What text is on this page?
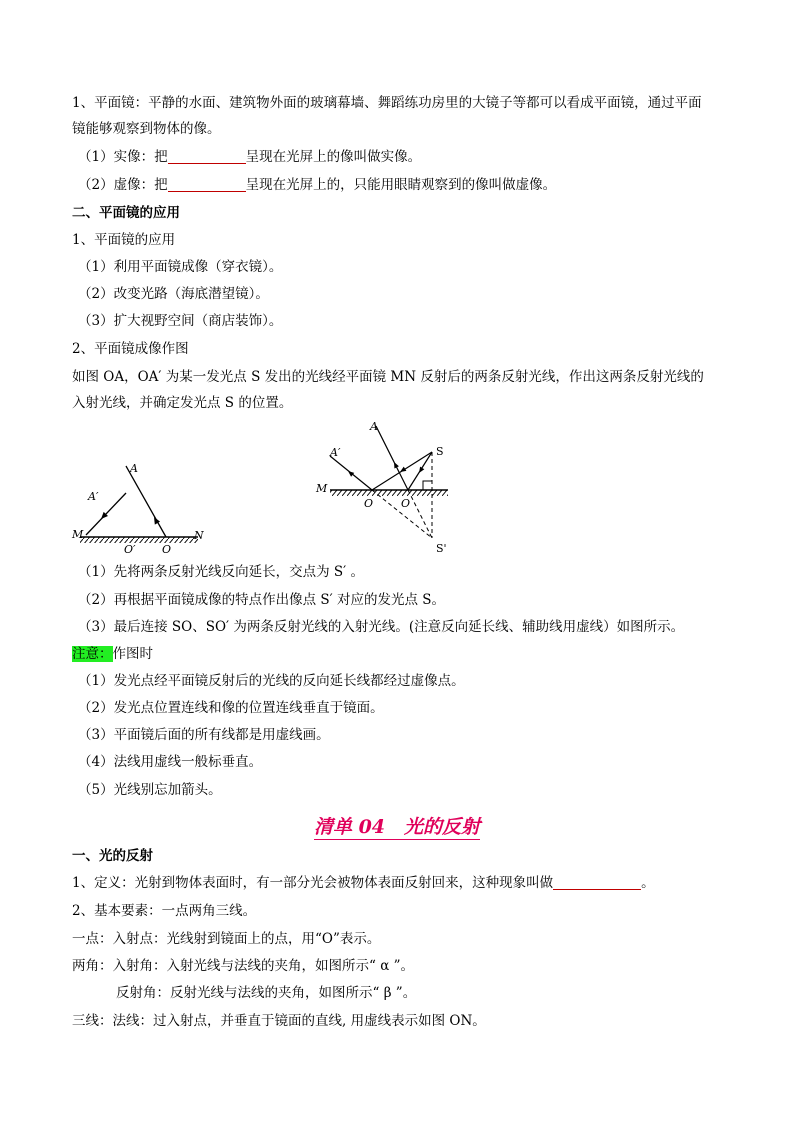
1、平面镜：平静的水面、建筑物外面的玻璃幕墙、舞蹈练功房里的大镜子等都可以看成平面镜，通过平面
镜能够观察到物体的像。
（1）实像：把	呈现在光屏上的像叫做实像。
（2）虚像：把	呈现在光屏上的，只能用眼睛观察到的像叫做虚像。
二、平面镜的应用
1、平面镜的应用
（1）利用平面镜成像（穿衣镜）。
（2）改变光路（海底潜望镜）。
（3）扩大视野空间（商店装饰）。
2、平面镜成像作图
如图 OA，OA′ 为某一发光点 S 发出的光线经平面镜 MN 反射后的两条反射光线，作出这两条反射光线的
入射光线，并确定发光点 S 的位置。
A′
A
M	N
O′ O
A′
A
M
O	O
S
S'
（1）先将两条反射光线反向延长，交点为 S′ 。
（2）再根据平面镜成像的特点作出像点 S′ 对应的发光点 S。
（3）最后连接 SO、SO′ 为两条反射光线的入射光线。(注意反向延长线、辅助线用虚线）如图所示。
注意：作图时
（1）发光点经平面镜反射后的光线的反向延长线都经过虚像点。
（2）发光点位置连线和像的位置连线垂直于镜面。
（3）平面镜后面的所有线都是用虚线画。
（4）法线用虚线一般标垂直。
（5）光线别忘加箭头。
清单 04　光的反射
一、光的反射
1、定义：光射到物体表面时，有一部分光会被物体表面反射回来，这种现象叫做	。
2、基本要素：一点两角三线。
一点：入射点：光线射到镜面上的点，用“O”表示。
两角：入射角：入射光线与法线的夹角，如图所示“ α ”。
反射角：反射光线与法线的夹角，如图所示“ β ”。
三线：法线：过入射点，并垂直于镜面的直线, 用虚线表示如图 ON。
